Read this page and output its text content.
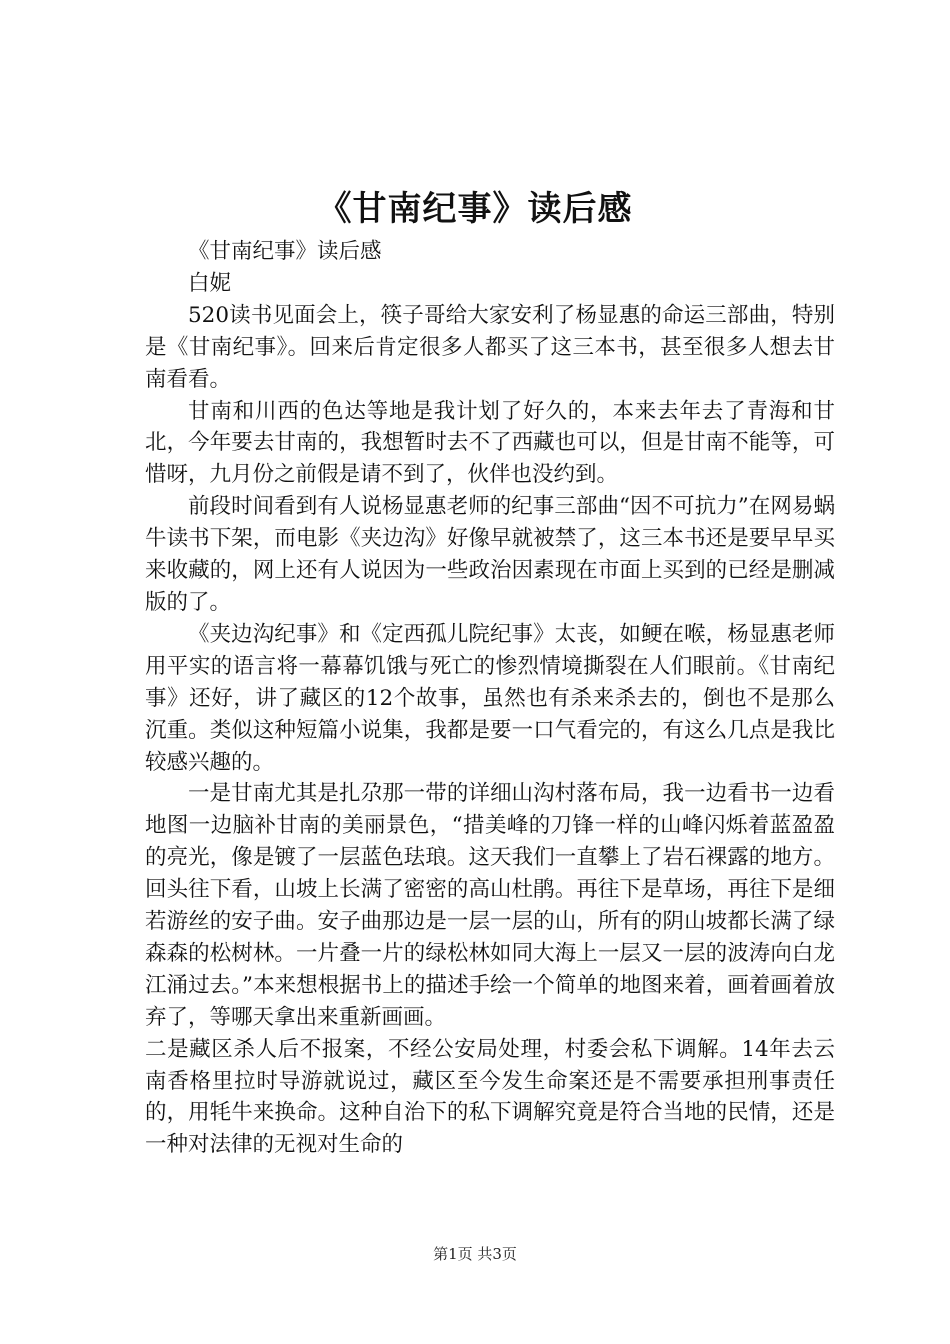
《甘南纪事》读后感

《甘南纪事》读后感

白妮

520读书见面会上，筷子哥给大家安利了杨显惠的命运三部曲，特别是《甘南纪事》。回来后肯定很多人都买了这三本书，甚至很多人想去甘南看看。

甘南和川西的色达等地是我计划了好久的，本来去年去了青海和甘北，今年要去甘南的，我想暂时去不了西藏也可以，但是甘南不能等，可惜呀，九月份之前假是请不到了，伙伴也没约到。

前段时间看到有人说杨显惠老师的纪事三部曲“因不可抗力”在网易蜗牛读书下架，而电影《夹边沟》好像早就被禁了，这三本书还是要早早买来收藏的，网上还有人说因为一些政治因素现在市面上买到的已经是删减版的了。

《夹边沟纪事》和《定西孤儿院纪事》太丧，如鲠在喉，杨显惠老师用平实的语言将一幕幕饥饿与死亡的惨烈情境撕裂在人们眼前。《甘南纪事》还好，讲了藏区的12个故事，虽然也有杀来杀去的，倒也不是那么沉重。类似这种短篇小说集，我都是要一口气看完的，有这么几点是我比较感兴趣的。

一是甘南尤其是扎尕那一带的详细山沟村落布局，我一边看书一边看地图一边脑补甘南的美丽景色，“措美峰的刀锋一样的山峰闪烁着蓝盈盈的亮光，像是镀了一层蓝色珐琅。这天我们一直攀上了岩石裸露的地方。回头往下看，山坡上长满了密密的高山杜鹃。再往下是草场，再往下是细若游丝的安子曲。安子曲那边是一层一层的山，所有的阴山坡都长满了绿森森的松树林。一片叠一片的绿松林如同大海上一层又一层的波涛向白龙江涌过去。”本来想根据书上的描述手绘一个简单的地图来着，画着画着放弃了，等哪天拿出来重新画画。

二是藏区杀人后不报案，不经公安局处理，村委会私下调解。14年去云南香格里拉时导游就说过，藏区至今发生命案还是不需要承担刑事责任的，用牦牛来换命。这种自治下的私下调解究竟是符合当地的民情，还是一种对法律的无视对生命的

第1页 共3页
